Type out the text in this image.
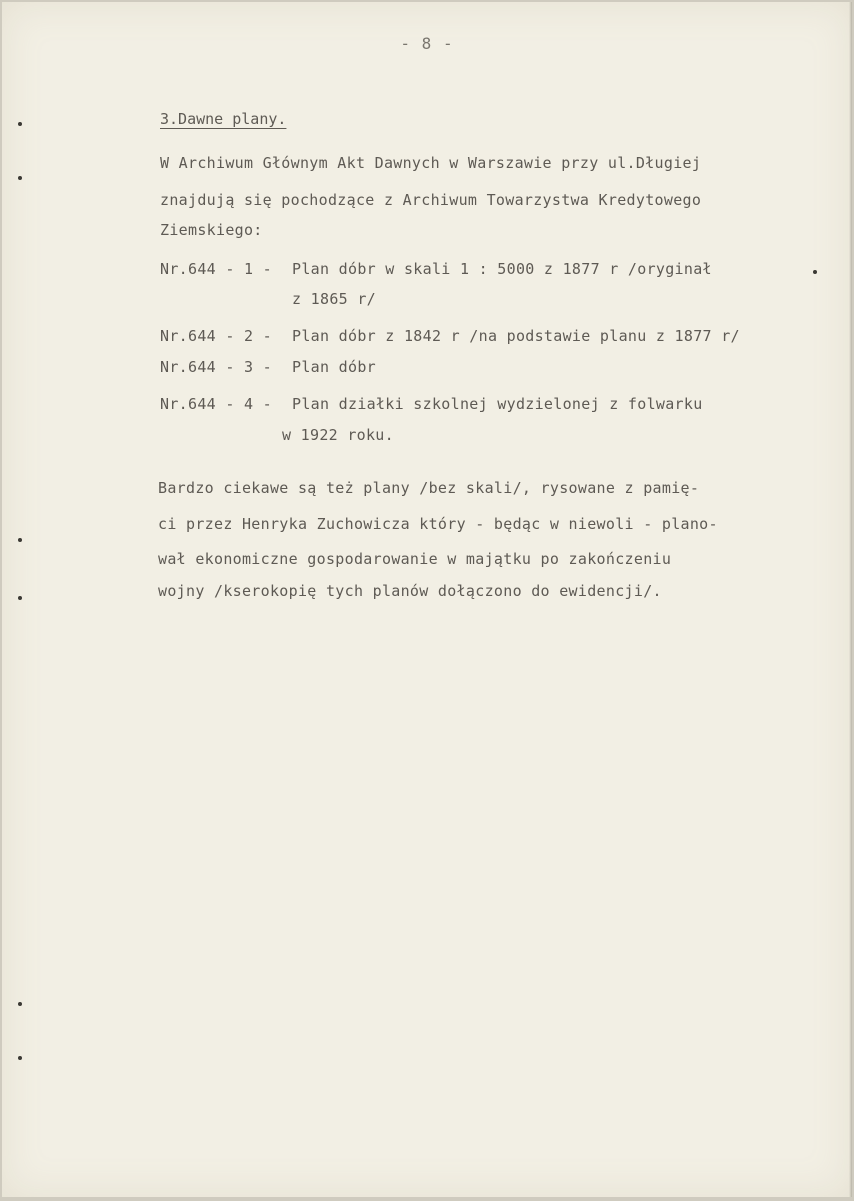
- 8 -
3.Dawne plany.
W Archiwum Głównym Akt Dawnych w Warszawie przy ul.Długiej
znajdują się pochodzące z Archiwum Towarzystwa Kredytowego
Ziemskiego:
Nr.644 - 1 - Plan dóbr w skali 1 : 5000 z 1877 r /oryginał
z 1865 r/
Nr.644 - 2 - Plan dóbr z 1842 r /na podstawie planu z 1877 r/
Nr.644 - 3 - Plan dóbr
Nr.644 - 4 - Plan działki szkolnej wydzielonej z folwarku
w 1922 roku.
Bardzo ciekawe są też plany /bez skali/, rysowane z pamię-
ci przez Henryka Zuchowicza który - będąc w niewoli - plano-
wał ekonomiczne gospodarowanie w majątku po zakończeniu
wojny /kserokopię tych planów dołączono do ewidencji/.
